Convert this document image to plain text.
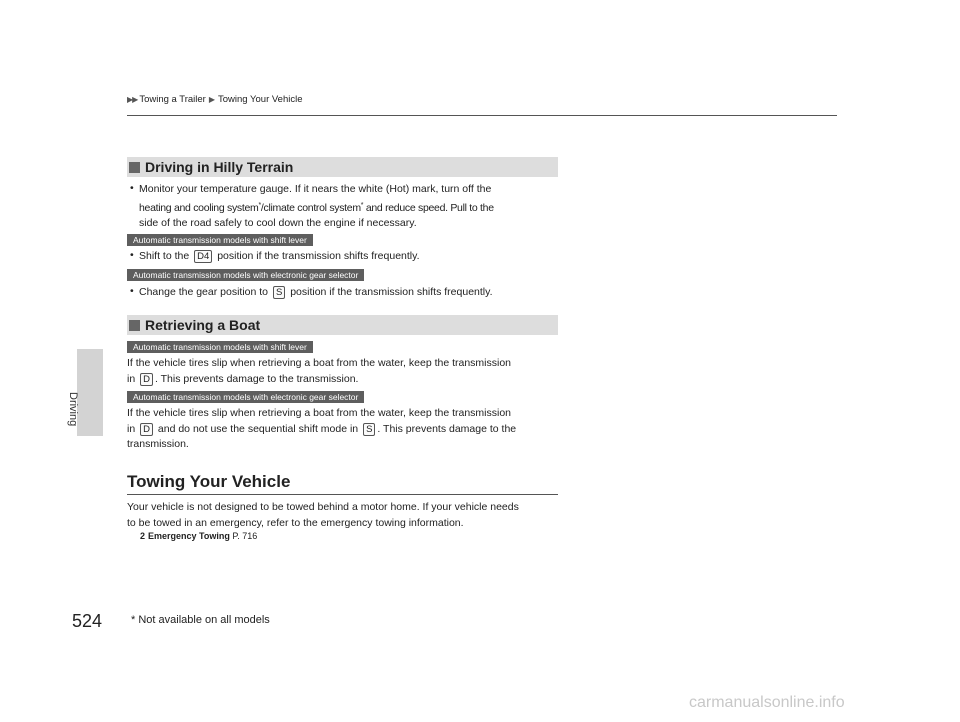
Driving
▶▶ Towing a Trailer ▶ Towing Your Vehicle
Driving in Hilly Terrain
• Monitor your temperature gauge. If it nears the white (Hot) mark, turn off the
heating and cooling system*/climate control system* and reduce speed. Pull to the
side of the road safely to cool down the engine if necessary.
Automatic transmission models with shift lever
• Shift to the D4 position if the transmission shifts frequently.
Automatic transmission models with electronic gear selector
• Change the gear position to S position if the transmission shifts frequently.
Retrieving a Boat
Automatic transmission models with shift lever
If the vehicle tires slip when retrieving a boat from the water, keep the transmission
in D . This prevents damage to the transmission.
Automatic transmission models with electronic gear selector
If the vehicle tires slip when retrieving a boat from the water, keep the transmission
in D and do not use the sequential shift mode in S . This prevents damage to the
transmission.
Towing Your Vehicle
Your vehicle is not designed to be towed behind a motor home. If your vehicle needs
to be towed in an emergency, refer to the emergency towing information.
2 Emergency Towing P. 716
524	* Not available on all models
carmanualsonline.info
